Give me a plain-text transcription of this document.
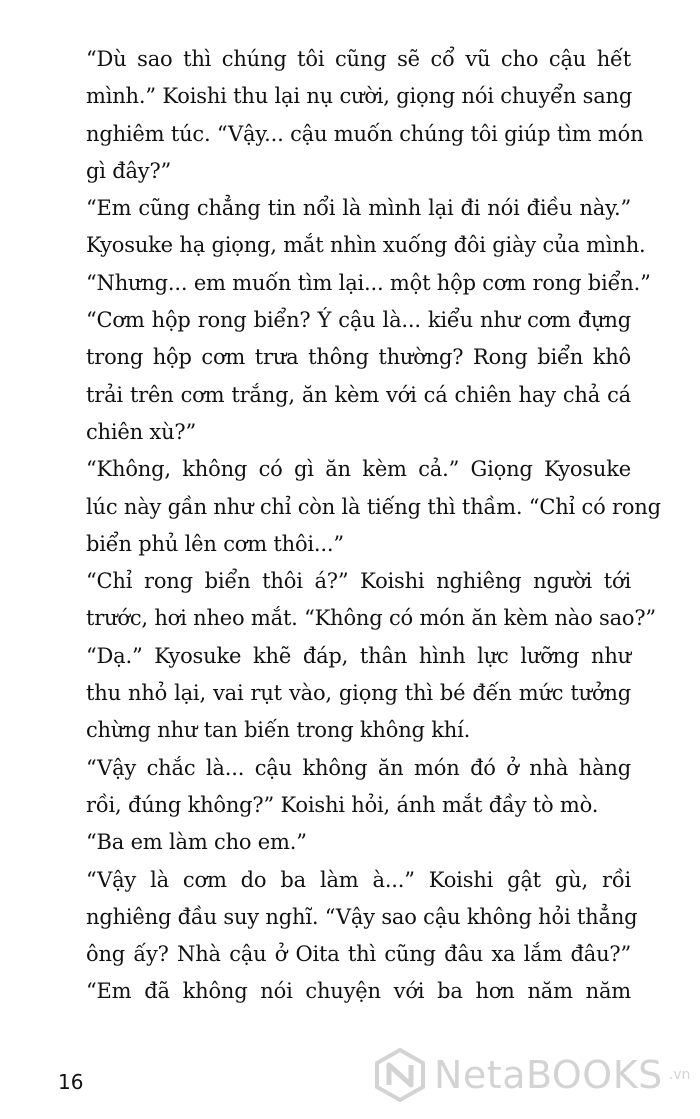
“Dù sao thì chúng tôi cũng sẽ cổ vũ cho cậu hết
mình.” Koishi thu lại nụ cười, giọng nói chuyển sang
nghiêm túc. “Vậy... cậu muốn chúng tôi giúp tìm món
gì đây?”

“Em cũng chẳng tin nổi là mình lại đi nói điều này.”
Kyosuke hạ giọng, mắt nhìn xuống đôi giày của mình.
“Nhưng... em muốn tìm lại... một hộp cơm rong biển.”

“Cơm hộp rong biển? Ý cậu là... kiểu như cơm đựng
trong hộp cơm trưa thông thường? Rong biển khô
trải trên cơm trắng, ăn kèm với cá chiên hay chả cá
chiên xù?”

“Không, không có gì ăn kèm cả.” Giọng Kyosuke
lúc này gần như chỉ còn là tiếng thì thầm. “Chỉ có rong
biển phủ lên cơm thôi...”

“Chỉ rong biển thôi á?” Koishi nghiêng người tới
trước, hơi nheo mắt. “Không có món ăn kèm nào sao?”

“Dạ.” Kyosuke khẽ đáp, thân hình lực lưỡng như
thu nhỏ lại, vai rụt vào, giọng thì bé đến mức tưởng
chừng như tan biến trong không khí.

“Vậy chắc là... cậu không ăn món đó ở nhà hàng
rồi, đúng không?” Koishi hỏi, ánh mắt đầy tò mò.

“Ba em làm cho em.”

“Vậy là cơm do ba làm à...” Koishi gật gù, rồi
nghiêng đầu suy nghĩ. “Vậy sao cậu không hỏi thẳng
ông ấy? Nhà cậu ở Oita thì cũng đâu xa lắm đâu?”

“Em đã không nói chuyện với ba hơn năm năm

16	NetaBOOKS .vn
